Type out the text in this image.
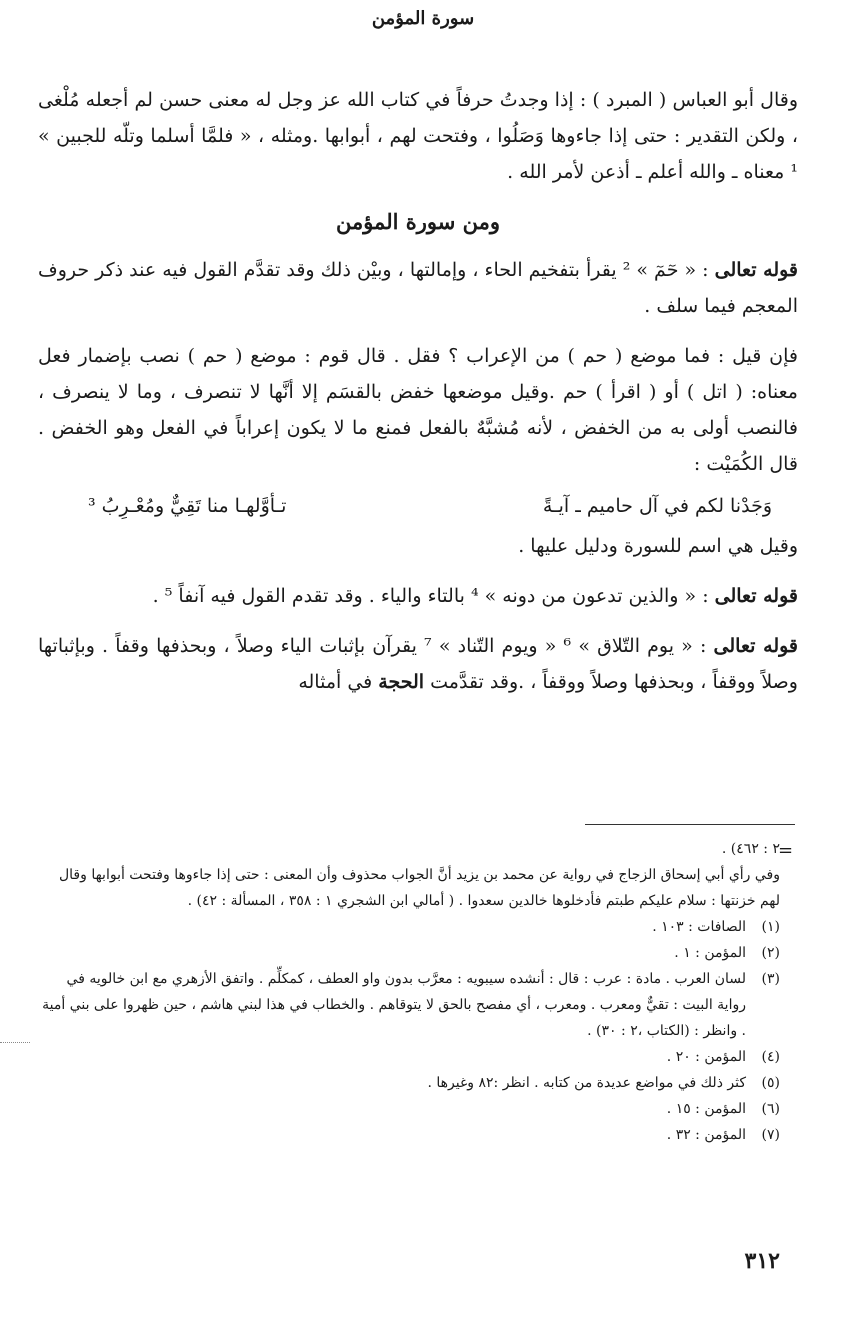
سورة المؤمن

وقال أبو العباس ( المبرد ) : إذا وجدتُ حرفاً في كتاب الله عز وجل له معنى حسن لم أجعله مُلْغى ، ولكن التقدير : حتى إذا جاءوها وَصَلُوا ، وفتحت لهم ، أبوابها .ومثله ، « فلمَّا أسلما وتلّه للجبين » ¹ معناه ـ والله أعلم ـ أذعن لأمر الله .

ومن سورة المؤمن

قوله تعالى : « حٓمٓ » ² يقرأ بتفخيم الحاء ، وإمالتها ، وبيْن ذلك وقد تقدَّم القول فيه عند ذكر حروف المعجم فيما سلف .

فإن قيل : فما موضع ( حم ) من الإعراب ؟ فقل . قال قوم : موضع ( حم ) نصب بإضمار فعل معناه: ( اتل ) أو ( اقرأ ) حم .وقيل موضعها خفض بالقسَم إلا أنَّها لا تنصرف ، وما لا ينصرف ، فالنصب أولى به من الخفض ، لأنه مُشبَّهٌ بالفعل فمنع ما لا يكون إعراباً في الفعل وهو الخفض . قال الكُمَيْت :

وَجَدْنا لكم في آل حاميم ـ آيـةً
تـأوَّلهـا منا تَقِيٌّ ومُعْـرِبُ ³

وقيل هي اسم للسورة ودليل عليها .

قوله تعالى : « والذين تدعون من دونه » ⁴ بالتاء والياء . وقد تقدم القول فيه آنفاً ⁵ .

قوله تعالى : « يوم التّلاق » ⁶ « ويوم التّناد » ⁷ يقرآن بإثبات الياء وصلاً ، وبحذفها وقفاً . وبإثباتها وصلاً ووقفاً ، وبحذفها وصلاً ووقفاً ، .وقد تقدَّمت الحجة في أمثاله

=
٢ : ٤٦٢) .
وفي رأي أبي إسحاق الزجاج في رواية عن محمد بن يزيد أنَّ الجواب محذوف وأن المعنى : حتى إذا جاءوها وفتحت أبوابها وقال لهم خزنتها : سلام عليكم طبتم فأدخلوها خالدين سعدوا . ( أمالي ابن الشجري ١ : ٣٥٨ ، المسألة : ٤٢) .
(١)
الصافات : ١٠٣ .
(٢)
المؤمن : ١ .
(٣)
لسان العرب . مادة : عرب : قال : أنشده سيبويه : معرَّب بدون واو العطف ، كمكلِّم . واتفق الأزهري مع ابن خالويه في رواية البيت : تقيٌّ ومعرب . ومعرب ، أي مفصح بالحق لا يتوقاهم . والخطاب في هذا لبني هاشم ، حين ظهروا على بني أمية . وانظر : (الكتاب ،٢ : ٣٠) .
(٤)
المؤمن : ٢٠ .
(٥)
كثر ذلك في مواضع عديدة من كتابه . انظر :٨٢ وغيرها .
(٦)
المؤمن : ١٥ .
(٧)
المؤمن : ٣٢ .
٣١٢
